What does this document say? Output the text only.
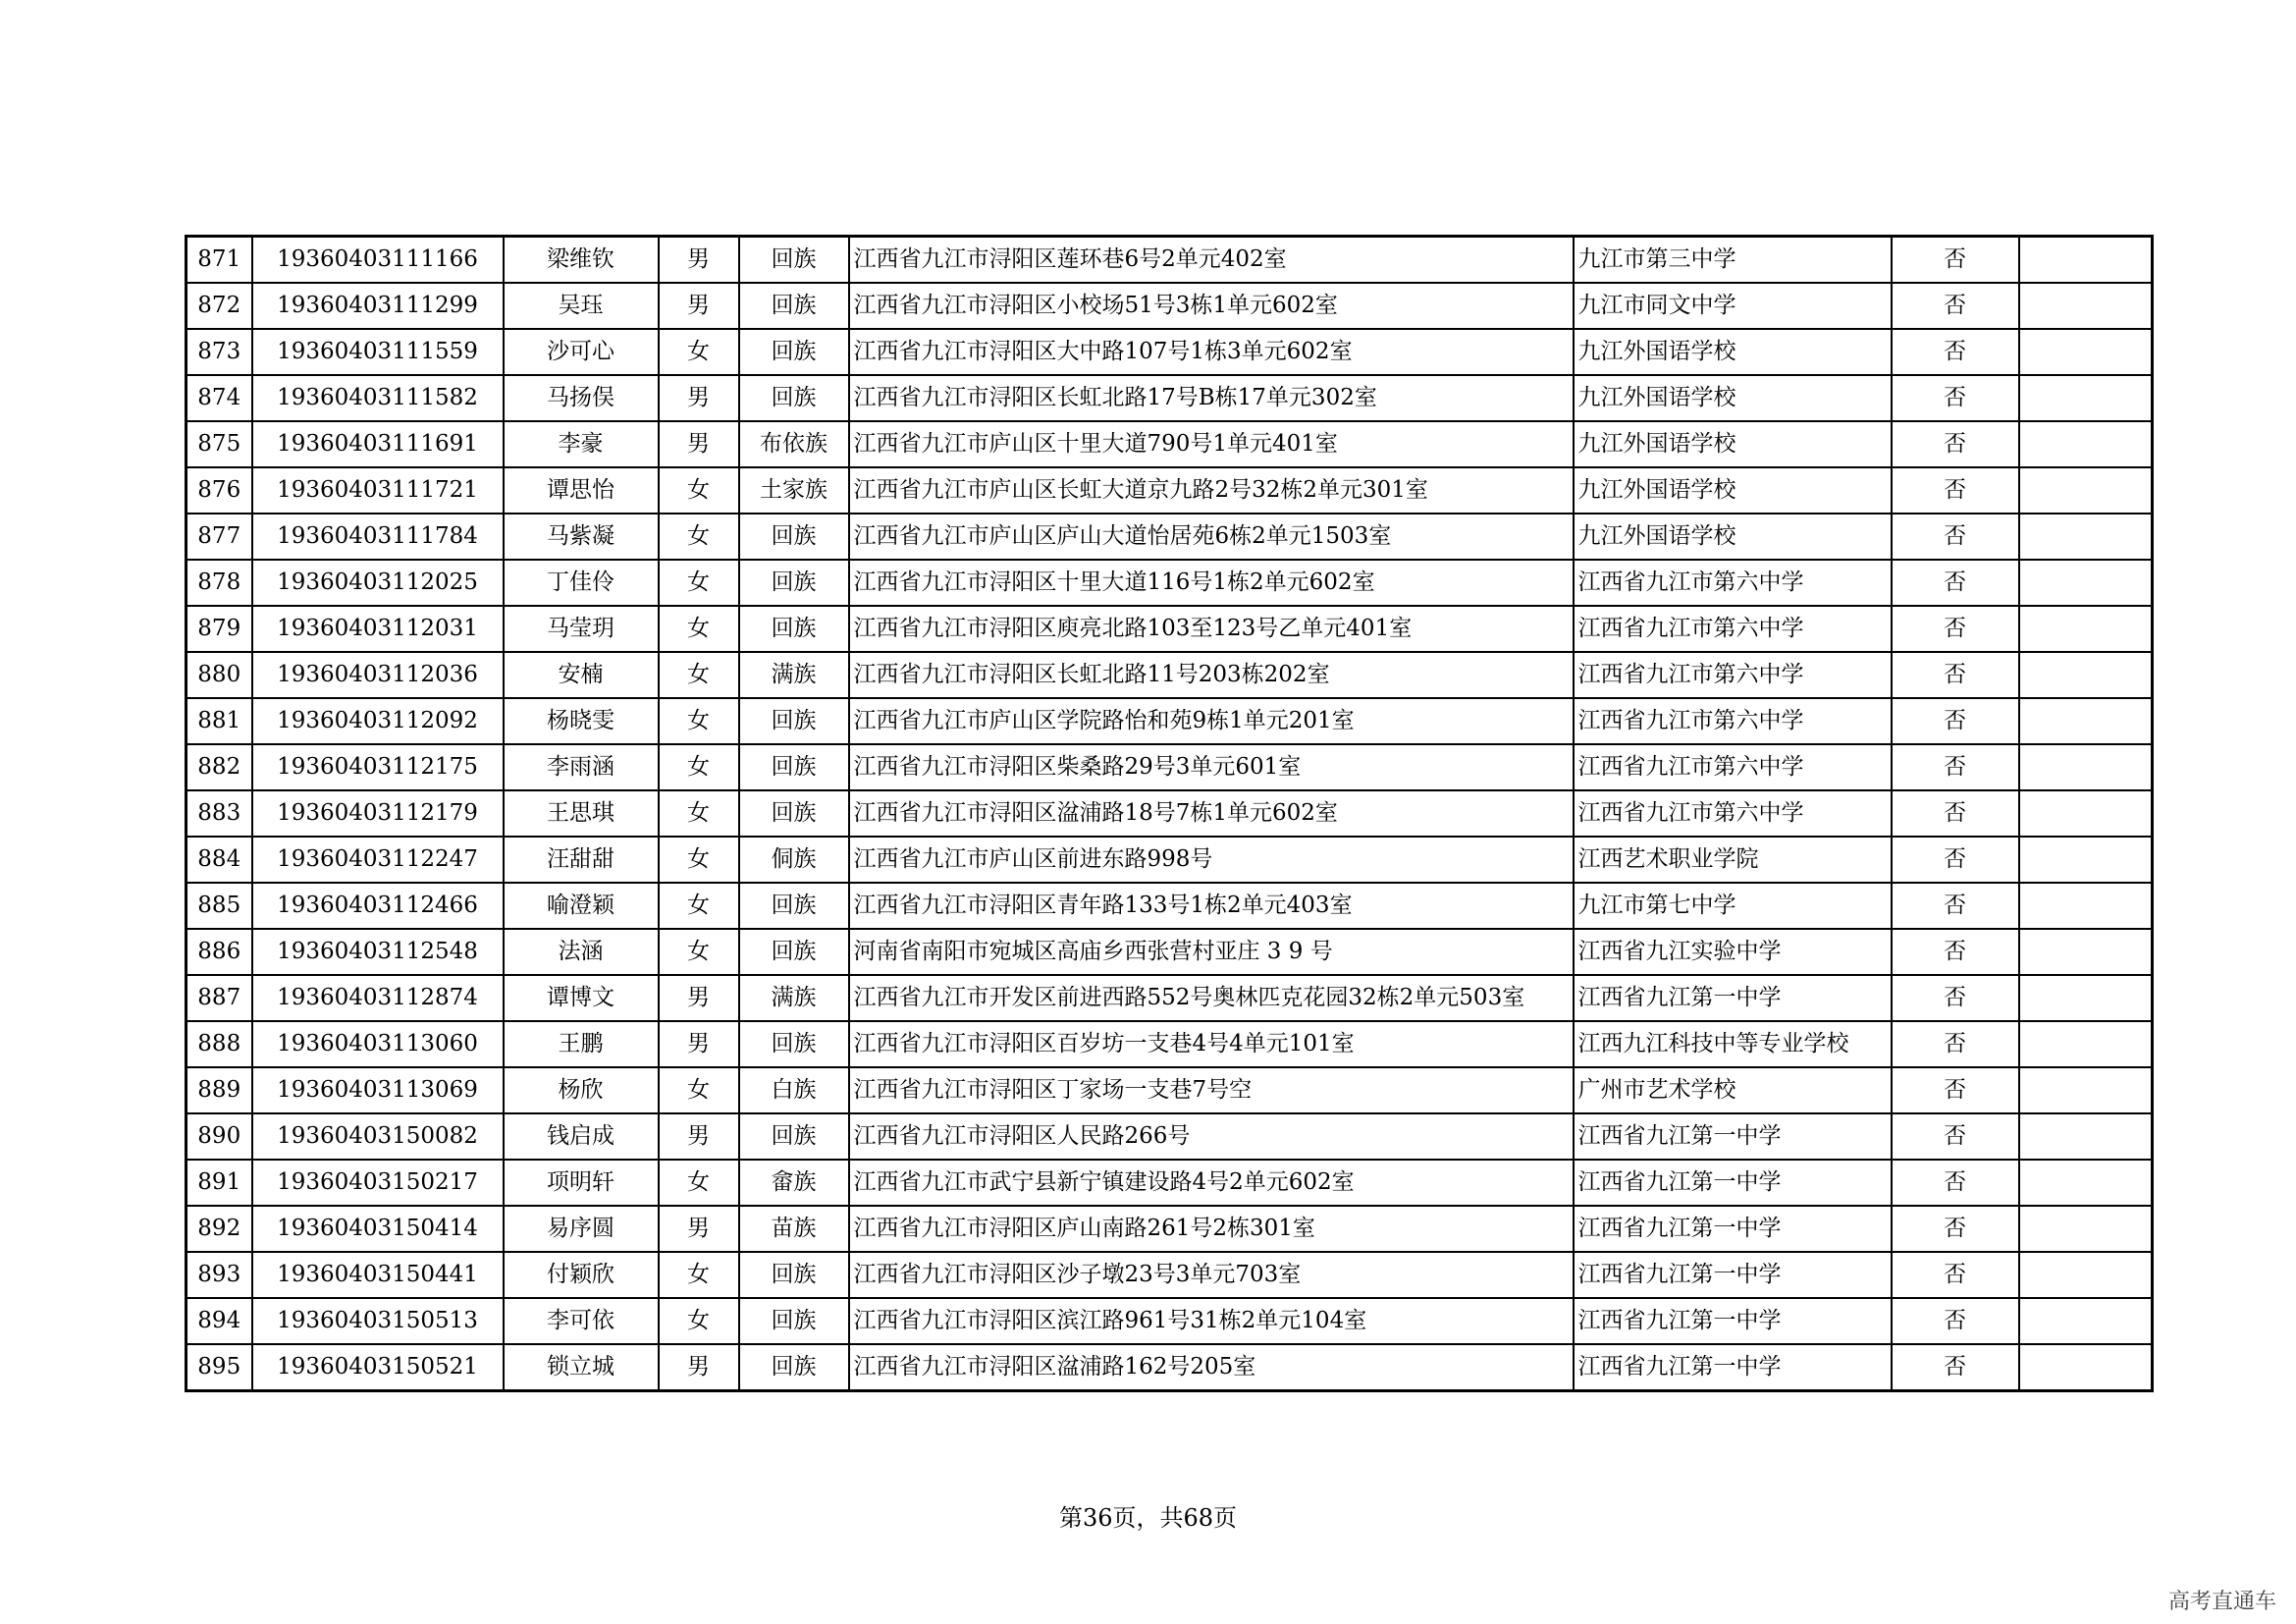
871	19360403111166	梁维钦	男	回族	江西省九江市浔阳区莲环巷6号2单元402室	九江市第三中学	否	
872	19360403111299	吴珏	男	回族	江西省九江市浔阳区小校场51号3栋1单元602室	九江市同文中学	否	
873	19360403111559	沙可心	女	回族	江西省九江市浔阳区大中路107号1栋3单元602室	九江外国语学校	否	
874	19360403111582	马扬俣	男	回族	江西省九江市浔阳区长虹北路17号B栋17单元302室	九江外国语学校	否	
875	19360403111691	李豪	男	布依族	江西省九江市庐山区十里大道790号1单元401室	九江外国语学校	否	
876	19360403111721	谭思怡	女	土家族	江西省九江市庐山区长虹大道京九路2号32栋2单元301室	九江外国语学校	否	
877	19360403111784	马紫凝	女	回族	江西省九江市庐山区庐山大道怡居苑6栋2单元1503室	九江外国语学校	否	
878	19360403112025	丁佳伶	女	回族	江西省九江市浔阳区十里大道116号1栋2单元602室	江西省九江市第六中学	否	
879	19360403112031	马莹玥	女	回族	江西省九江市浔阳区庾亮北路103至123号乙单元401室	江西省九江市第六中学	否	
880	19360403112036	安楠	女	满族	江西省九江市浔阳区长虹北路11号203栋202室	江西省九江市第六中学	否	
881	19360403112092	杨晓雯	女	回族	江西省九江市庐山区学院路怡和苑9栋1单元201室	江西省九江市第六中学	否	
882	19360403112175	李雨涵	女	回族	江西省九江市浔阳区柴桑路29号3单元601室	江西省九江市第六中学	否	
883	19360403112179	王思琪	女	回族	江西省九江市浔阳区湓浦路18号7栋1单元602室	江西省九江市第六中学	否	
884	19360403112247	汪甜甜	女	侗族	江西省九江市庐山区前进东路998号	江西艺术职业学院	否	
885	19360403112466	喻澄颖	女	回族	江西省九江市浔阳区青年路133号1栋2单元403室	九江市第七中学	否	
886	19360403112548	法涵	女	回族	河南省南阳市宛城区高庙乡西张营村亚庄 3 9 号	江西省九江实验中学	否	
887	19360403112874	谭博文	男	满族	江西省九江市开发区前进西路552号奥林匹克花园32栋2单元503室	江西省九江第一中学	否	
888	19360403113060	王鹏	男	回族	江西省九江市浔阳区百岁坊一支巷4号4单元101室	江西九江科技中等专业学校	否	
889	19360403113069	杨欣	女	白族	江西省九江市浔阳区丁家场一支巷7号空	广州市艺术学校	否	
890	19360403150082	钱启成	男	回族	江西省九江市浔阳区人民路266号	江西省九江第一中学	否	
891	19360403150217	项明轩	女	畲族	江西省九江市武宁县新宁镇建设路4号2单元602室	江西省九江第一中学	否	
892	19360403150414	易序圆	男	苗族	江西省九江市浔阳区庐山南路261号2栋301室	江西省九江第一中学	否	
893	19360403150441	付颖欣	女	回族	江西省九江市浔阳区沙子墩23号3单元703室	江西省九江第一中学	否	
894	19360403150513	李可依	女	回族	江西省九江市浔阳区滨江路961号31栋2单元104室	江西省九江第一中学	否	
895	19360403150521	锁立城	男	回族	江西省九江市浔阳区湓浦路162号205室	江西省九江第一中学	否	
第36页，共68页
高考直通车
